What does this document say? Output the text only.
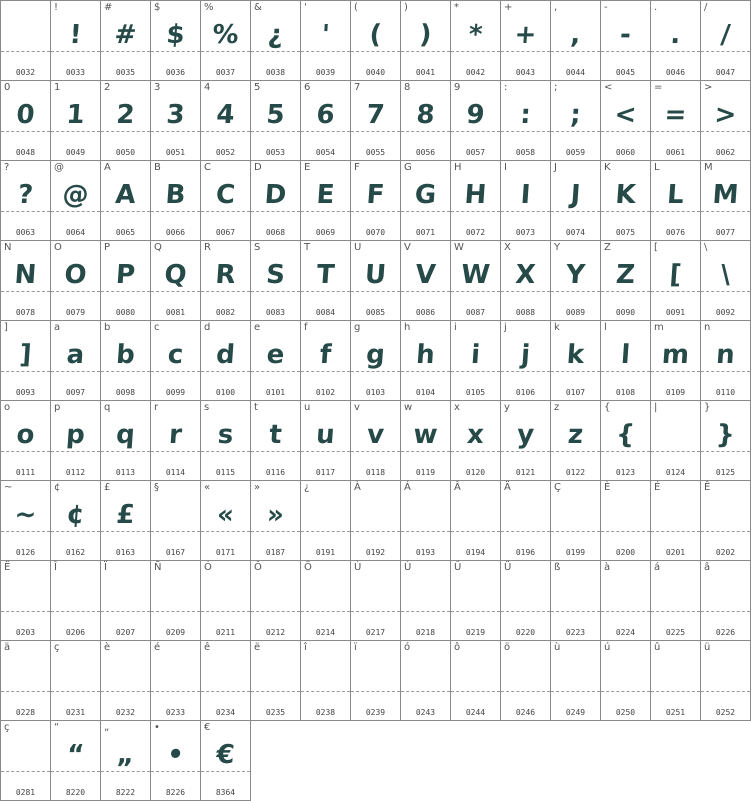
0032
!
!
0033
#
#
0035
$
$
0036
%
%
0037
&
¿
0038
'
'
0039
(
(
0040
)
)
0041
*
*
0042
+
+
0043
,
,
0044
-
-
0045
.
.
0046
/
/
0047
0
0
0048
1
1
0049
2
2
0050
3
3
0051
4
4
0052
5
5
0053
6
6
0054
7
7
0055
8
8
0056
9
9
0057
:
:
0058
;
;
0059
<
<
0060
=
=
0061
>
>
0062
?
?
0063
@
@
0064
A
A
0065
B
B
0066
C
C
0067
D
D
0068
E
E
0069
F
F
0070
G
G
0071
H
H
0072
I
I
0073
J
J
0074
K
K
0075
L
L
0076
M
M
0077
N
N
0078
O
O
0079
P
P
0080
Q
Q
0081
R
R
0082
S
S
0083
T
T
0084
U
U
0085
V
V
0086
W
W
0087
X
X
0088
Y
Y
0089
Z
Z
0090
[
[
0091
\
\
0092
]
]
0093
a
a
0097
b
b
0098
c
c
0099
d
d
0100
e
e
0101
f
f
0102
g
g
0103
h
h
0104
i
i
0105
j
j
0106
k
k
0107
l
l
0108
m
m
0109
n
n
0110
o
o
0111
p
p
0112
q
q
0113
r
r
0114
s
s
0115
t
t
0116
u
u
0117
v
v
0118
w
w
0119
x
x
0120
y
y
0121
z
z
0122
{
{
0123
|
0124
}
}
0125
~
~
0126
¢
¢
0162
£
£
0163
§
0167
«
«
0171
»
»
0187
¿
0191
À
0192
Á
0193
Â
0194
Ä
0196
Ç
0199
È
0200
É
0201
Ê
0202
Ë
0203
Î
0206
Ï
0207
Ñ
0209
Ó
0211
Ô
0212
Ö
0214
Ù
0217
Ú
0218
Û
0219
Ü
0220
ß
0223
à
0224
á
0225
â
0226
ä
0228
ç
0231
è
0232
é
0233
ê
0234
ë
0235
î
0238
ï
0239
ó
0243
ô
0244
ö
0246
ù
0249
ú
0250
û
0251
ü
0252
ç
0281
“
“
8220
„
„
8222
•
•
8226
€
€
8364
